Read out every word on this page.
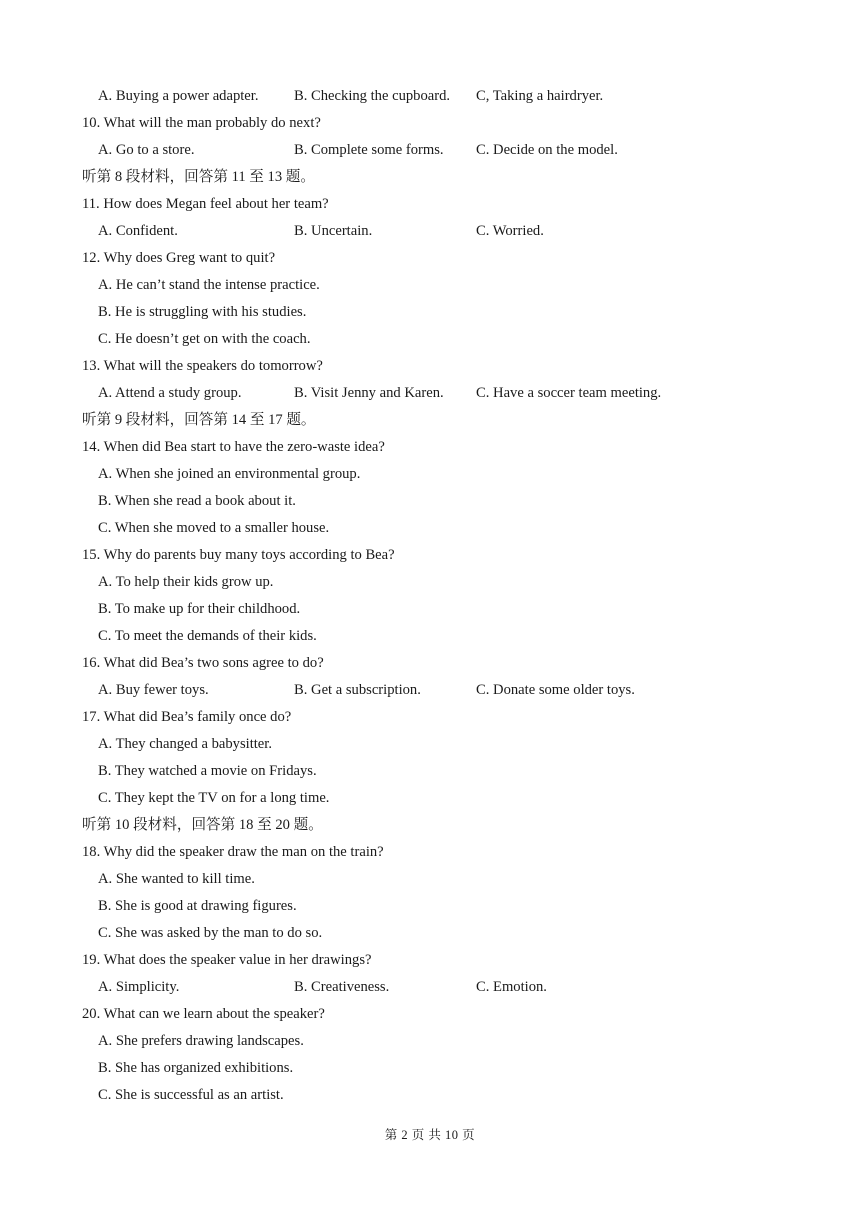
A. Buying a power adapter. B. Checking the cupboard. C, Taking a hairdryer.
10. What will the man probably do next?
A. Go to a store.	B. Complete some forms. C. Decide on the model.
听第 8 段材料，回答第 11 至 13 题。
11. How does Megan feel about her team?
A. Confident.	B. Uncertain.	C. Worried.
12. Why does Greg want to quit?
A. He can’t stand the intense practice.
B. He is struggling with his studies.
C. He doesn’t get on with the coach.
13. What will the speakers do tomorrow?
A. Attend a study group.	B. Visit Jenny and Karen. C. Have a soccer team meeting.
听第 9 段材料，回答第 14 至 17 题。
14. When did Bea start to have the zero-waste idea?
A. When she joined an environmental group.
B. When she read a book about it.
C. When she moved to a smaller house.
15. Why do parents buy many toys according to Bea?
A. To help their kids grow up.
B. To make up for their childhood.
C. To meet the demands of their kids.
16. What did Bea’s two sons agree to do?
A. Buy fewer toys.	B. Get a subscription.	C. Donate some older toys.
17. What did Bea’s family once do?
A. They changed a babysitter.
B. They watched a movie on Fridays.
C. They kept the TV on for a long time.
听第 10 段材料，回答第 18 至 20 题。
18. Why did the speaker draw the man on the train?
A. She wanted to kill time.
B. She is good at drawing figures.
C. She was asked by the man to do so.
19. What does the speaker value in her drawings?
A. Simplicity.	B. Creativeness.	C. Emotion.
20. What can we learn about the speaker?
A. She prefers drawing landscapes.
B. She has organized exhibitions.
C. She is successful as an artist.
第 2 页 共 10 页
